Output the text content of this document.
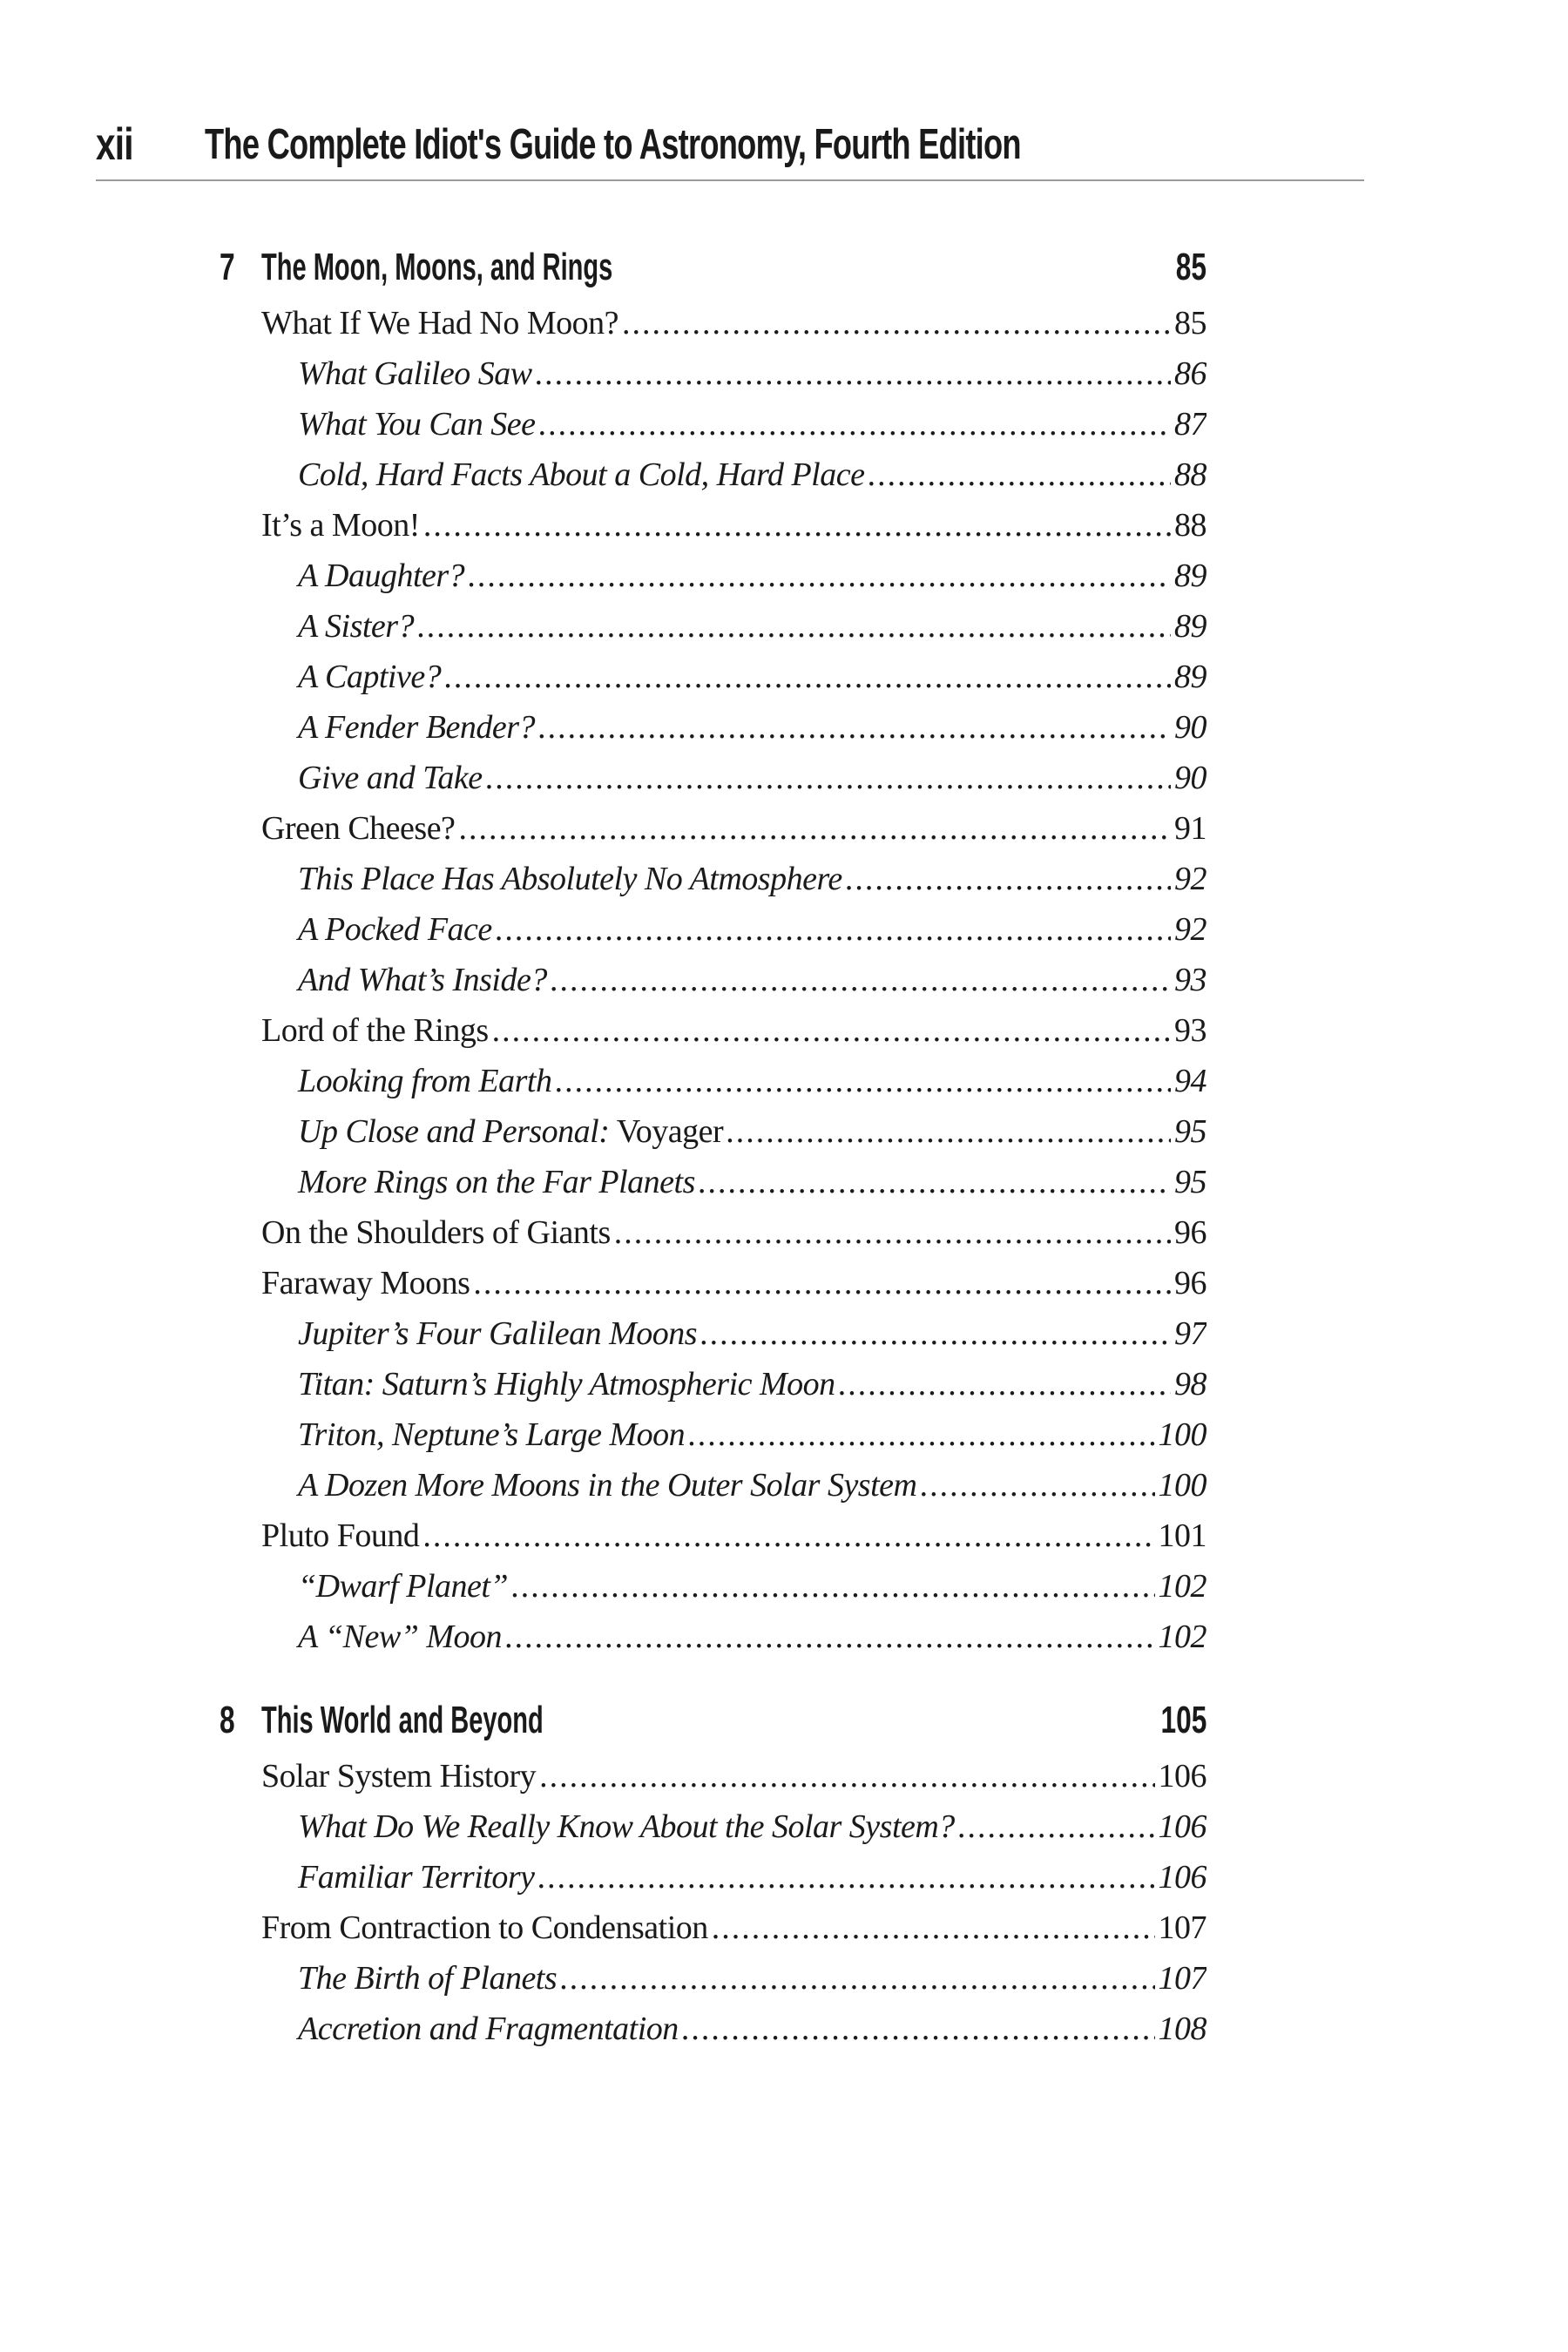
xii The Complete Idiot's Guide to Astronomy, Fourth Edition
7 The Moon, Moons, and Rings	85
What If We Had No Moon? .....	85
What Galileo Saw .....	86
What You Can See .....	87
Cold, Hard Facts About a Cold, Hard Place .....	88
It’s a Moon! .....	88
A Daughter? .....	89
A Sister? .....	89
A Captive? .....	89
A Fender Bender? .....	90
Give and Take .....	90
Green Cheese? .....	91
This Place Has Absolutely No Atmosphere .....	92
A Pocked Face .....	92
And What’s Inside? .....	93
Lord of the Rings .....	93
Looking from Earth .....	94
Up Close and Personal: Voyager .....	95
More Rings on the Far Planets .....	95
On the Shoulders of Giants .....	96
Faraway Moons .....	96
Jupiter’s Four Galilean Moons .....	97
Titan: Saturn’s Highly Atmospheric Moon .....	98
Triton, Neptune’s Large Moon .....	100
A Dozen More Moons in the Outer Solar System .....	100
Pluto Found .....	101
“Dwarf Planet” .....	102
A “New” Moon .....	102
8 This World and Beyond	105
Solar System History .....	106
What Do We Really Know About the Solar System? .....	106
Familiar Territory .....	106
From Contraction to Condensation .....	107
The Birth of Planets .....	107
Accretion and Fragmentation .....	108
